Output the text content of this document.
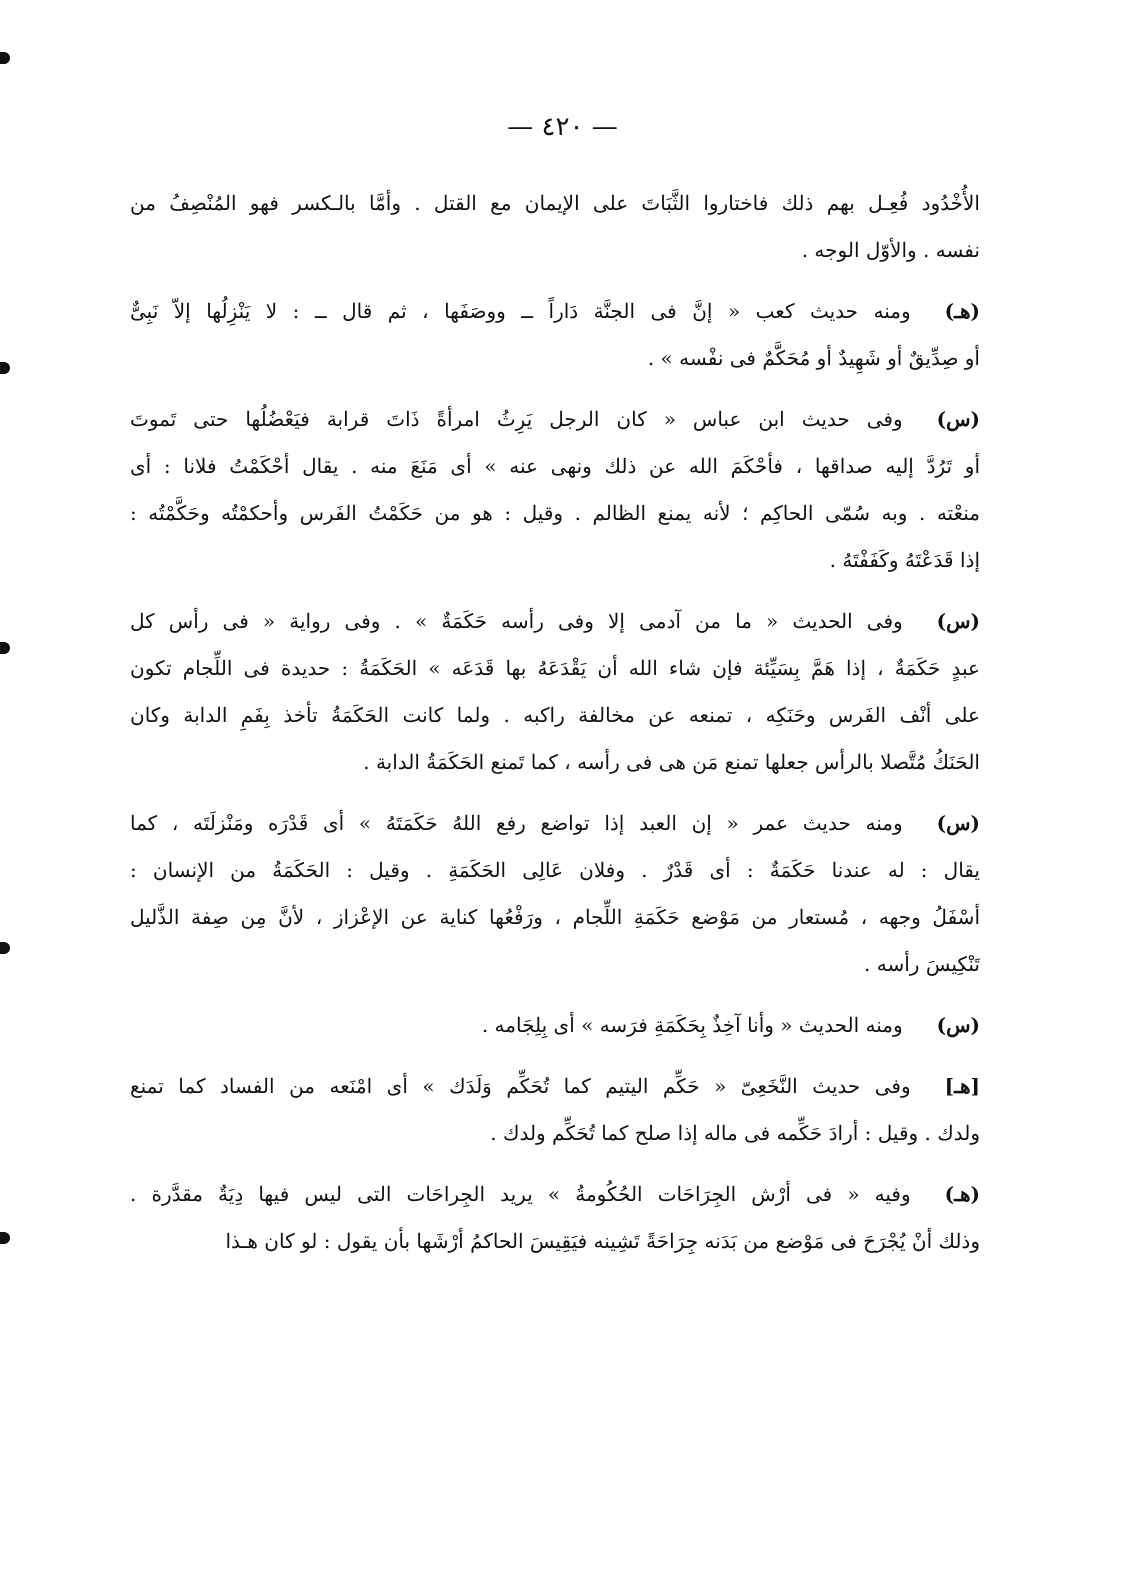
— ٤٢٠ —
الأُخْدُود فُعِـل بهم ذلك فاختاروا الثَّبَاتَ على الإيمان مع القتل . وأمَّا بالـكسر فهو المُنْصِفُ من
نفسه . والأوّل الوجه .
(هـ)ومنه حديث كعب « إنَّ فى الجنَّة دَاراً ــ ووصَفَها ، ثم قال ــ : لا يَنْزِلُها إلاّ نَبِىٌّ
أو صِدِّيقٌ أو شَهِيدٌ أو مُحَكَّمٌ فى نفْسه » .
(س)وفى حديث ابن عباس « كان الرجل يَرِثُ امرأةً ذَاتَ قرابة فيَعْضُلُها حتى تَموتَ
أو تَرُدَّ إليه صداقها ، فأحْكَمَ الله عن ذلك ونهى عنه » أى مَنَعَ منه . يقال أحْكَمْتُ فلانا : أى
منعْته . وبه سُمّى الحاكِم ؛ لأنه يمنع الظالم . وقيل : هو من حَكَمْتُ الفَرس وأحكمْتُه وحَكَّمْتُه :
إذا قَدَعْتَهُ وكَفَفْتَهُ .
(س)وفى الحديث « ما من آدمى إلا وفى رأسه حَكَمَةٌ » . وفى رواية « فى رأس كل
عبدٍ حَكَمَةٌ ، إذا هَمَّ بِسَيِّئة فإن شاء الله أن يَقْدَعَهُ بها قَدَعَه » الحَكَمَةُ : حديدة فى اللِّجام تكون
على أنْف الفَرس وحَنَكِه ، تمنعه عن مخالفة راكبه . ولما كانت الحَكَمَةُ تأخذ بِفَمِ الدابة وكان
الحَنَكُ مُتَّصلا بالرأس جعلها تمنع مَن هى فى رأسه ، كما تَمنع الحَكَمَةُ الدابة .
(س)ومنه حديث عمر « إن العبد إذا تواضع رفع اللهُ حَكَمَتَهُ » أى قَدْرَه ومَنْزلَتَه ، كما
يقال : له عندنا حَكَمَةٌ : أى قَدْرٌ . وفلان عَالِى الحَكَمَةِ . وقيل : الحَكَمَةُ من الإنسان :
أسْفَلُ وجهه ، مُستعار من مَوْضع حَكَمَةِ اللِّجام ، ورَفْعُها كناية عن الإعْزاز ، لأنَّ مِن صِفة الذَّليل
تَنْكِيسَ رأسه .
(س)ومنه الحديث « وأنا آخِذٌ بِحَكَمَةِ فرَسه » أى بِلِجَامه .
[هـ]وفى حديث النَّخَعِىّ « حَكِّم اليتيم كما تُحَكِّم وَلَدَك » أى امْنَعه من الفساد كما تمنع
ولدك . وقيل : أرادَ حَكِّمه فى ماله إذا صلح كما تُحَكِّم ولدك .
(هـ)وفيه « فى أرْش الجِرَاحَات الحُكُومةُ » يريد الجِراحَات التى ليس فيها دِيَةٌ مقدَّرة .
وذلك أنْ يُجْرَحَ فى مَوْضع من بَدَنه جِرَاحَةً تَشِينه فيَقِيسَ الحاكمُ أرْشَها بأن يقول : لو كان هـذا
